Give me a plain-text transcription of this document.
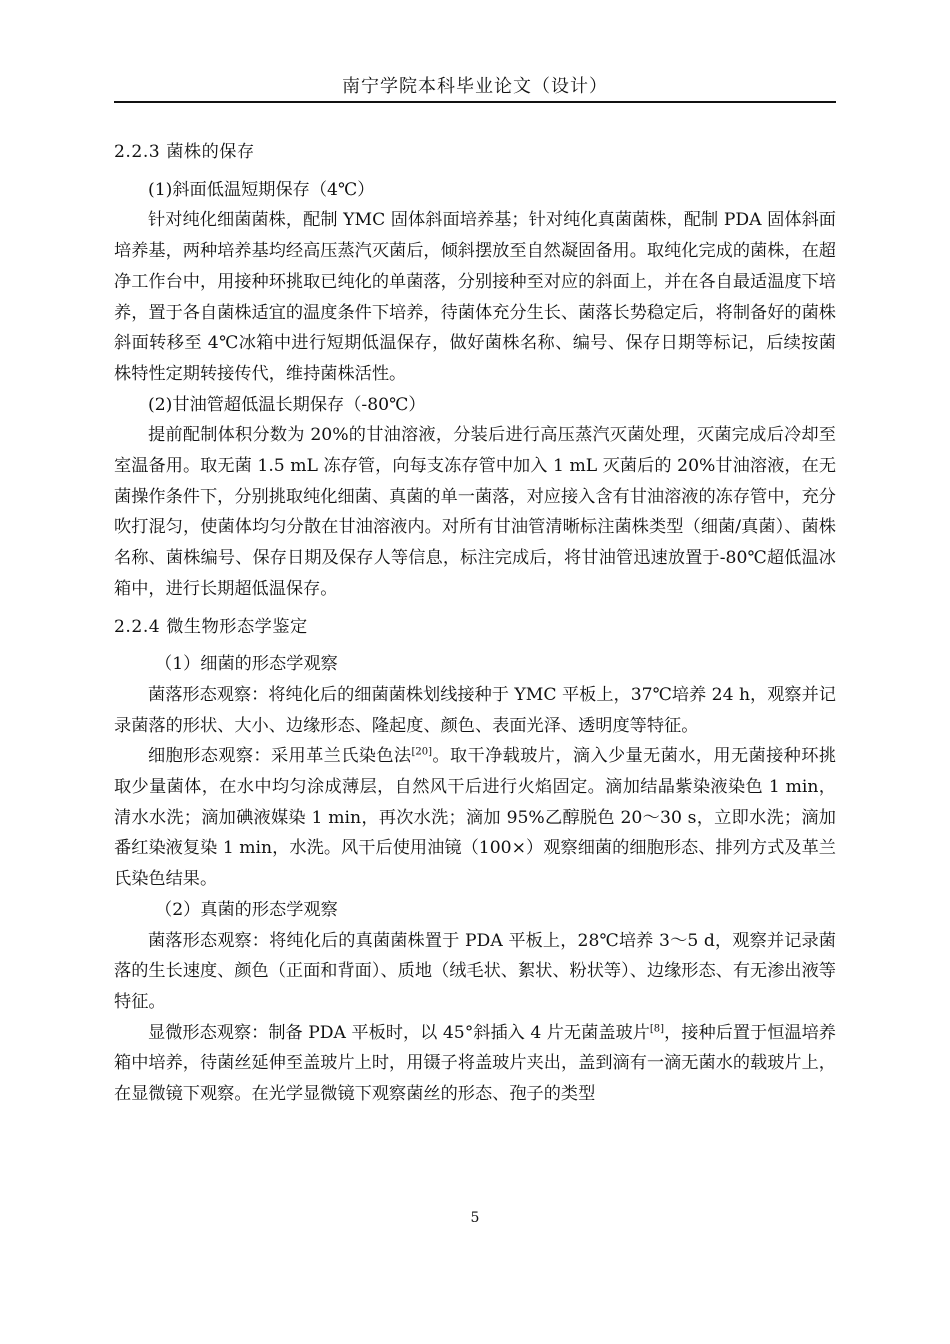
南宁学院本科毕业论文（设计）

2.2.3 菌株的保存

(1)斜面低温短期保存（4℃）

针对纯化细菌菌株，配制 YMC 固体斜面培养基；针对纯化真菌菌株，配制 PDA 固体斜面培养基，两种培养基均经高压蒸汽灭菌后，倾斜摆放至自然凝固备用。取纯化完成的菌株，在超净工作台中，用接种环挑取已纯化的单菌落，分别接种至对应的斜面上，并在各自最适温度下培养，置于各自菌株适宜的温度条件下培养，待菌体充分生长、菌落长势稳定后，将制备好的菌株斜面转移至 4℃冰箱中进行短期低温保存，做好菌株名称、编号、保存日期等标记，后续按菌株特性定期转接传代，维持菌株活性。

(2)甘油管超低温长期保存（-80℃）

提前配制体积分数为 20%的甘油溶液，分装后进行高压蒸汽灭菌处理，灭菌完成后冷却至室温备用。取无菌 1.5 mL 冻存管，向每支冻存管中加入 1 mL 灭菌后的 20%甘油溶液，在无菌操作条件下，分别挑取纯化细菌、真菌的单一菌落，对应接入含有甘油溶液的冻存管中，充分吹打混匀，使菌体均匀分散在甘油溶液内。对所有甘油管清晰标注菌株类型（细菌/真菌）、菌株名称、菌株编号、保存日期及保存人等信息，标注完成后，将甘油管迅速放置于-80℃超低温冰箱中，进行长期超低温保存。

2.2.4 微生物形态学鉴定

（1）细菌的形态学观察

菌落形态观察：将纯化后的细菌菌株划线接种于 YMC 平板上，37℃培养 24 h，观察并记录菌落的形状、大小、边缘形态、隆起度、颜色、表面光泽、透明度等特征。

细胞形态观察：采用革兰氏染色法[20]。取干净载玻片，滴入少量无菌水，用无菌接种环挑取少量菌体，在水中均匀涂成薄层，自然风干后进行火焰固定。滴加结晶紫染液染色 1 min，清水水洗；滴加碘液媒染 1 min，再次水洗；滴加 95%乙醇脱色 20～30 s，立即水洗；滴加番红染液复染 1 min，水洗。风干后使用油镜（100×）观察细菌的细胞形态、排列方式及革兰氏染色结果。

（2）真菌的形态学观察

菌落形态观察：将纯化后的真菌菌株置于 PDA 平板上，28℃培养 3～5 d，观察并记录菌落的生长速度、颜色（正面和背面）、质地（绒毛状、絮状、粉状等）、边缘形态、有无渗出液等特征。

显微形态观察：制备 PDA 平板时，以 45°斜插入 4 片无菌盖玻片[8]，接种后置于恒温培养箱中培养，待菌丝延伸至盖玻片上时，用镊子将盖玻片夹出，盖到滴有一滴无菌水的载玻片上，在显微镜下观察。在光学显微镜下观察菌丝的形态、孢子的类型

5
